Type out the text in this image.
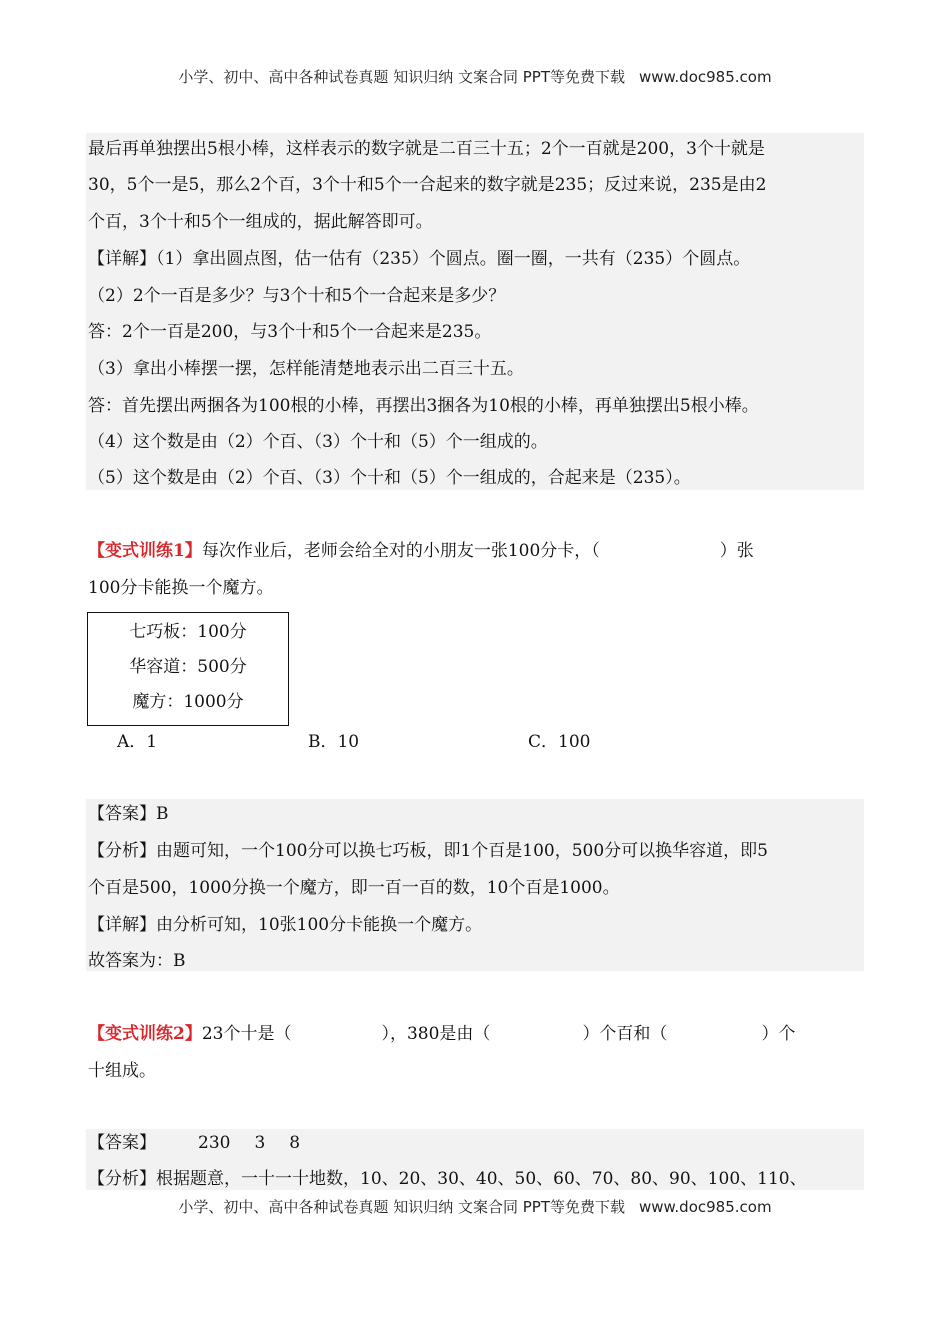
小学、初中、高中各种试卷真题 知识归纳 文案合同 PPT等免费下载 www.doc985.com
最后再单独摆出5根小棒，这样表示的数字就是二百三十五；2个一百就是200，3个十就是
30，5个一是5，那么2个百，3个十和5个一合起来的数字就是235；反过来说，235是由2
个百，3个十和5个一组成的，据此解答即可。
【详解】（1）拿出圆点图，估一估有（235）个圆点。圈一圈，一共有（235）个圆点。
（2）2个一百是多少？与3个十和5个一合起来是多少？
答：2个一百是200，与3个十和5个一合起来是235。
（3）拿出小棒摆一摆，怎样能清楚地表示出二百三十五。
答：首先摆出两捆各为100根的小棒，再摆出3捆各为10根的小棒，再单独摆出5根小棒。
（4）这个数是由（2）个百、（3）个十和（5）个一组成的。
（5）这个数是由（2）个百、（3）个十和（5）个一组成的，合起来是（235）。
【变式训练1】每次作业后，老师会给全对的小朋友一张100分卡，（	）张
100分卡能换一个魔方。
七巧板：100分
华容道：500分
魔方：1000分
A．1	B．10	C．100
【答案】B
【分析】由题可知，一个100分可以换七巧板，即1个百是100，500分可以换华容道，即5
个百是500，1000分换一个魔方，即一百一百的数，10个百是1000。
【详解】由分析可知，10张100分卡能换一个魔方。
故答案为：B
【变式训练2】23个十是（	），380是由（	）个百和（	）个
十组成。
【答案】 230 3 8
【分析】根据题意，一十一十地数，10、20、30、40、50、60、70、80、90、100、110、
小学、初中、高中各种试卷真题 知识归纳 文案合同 PPT等免费下载 www.doc985.com
